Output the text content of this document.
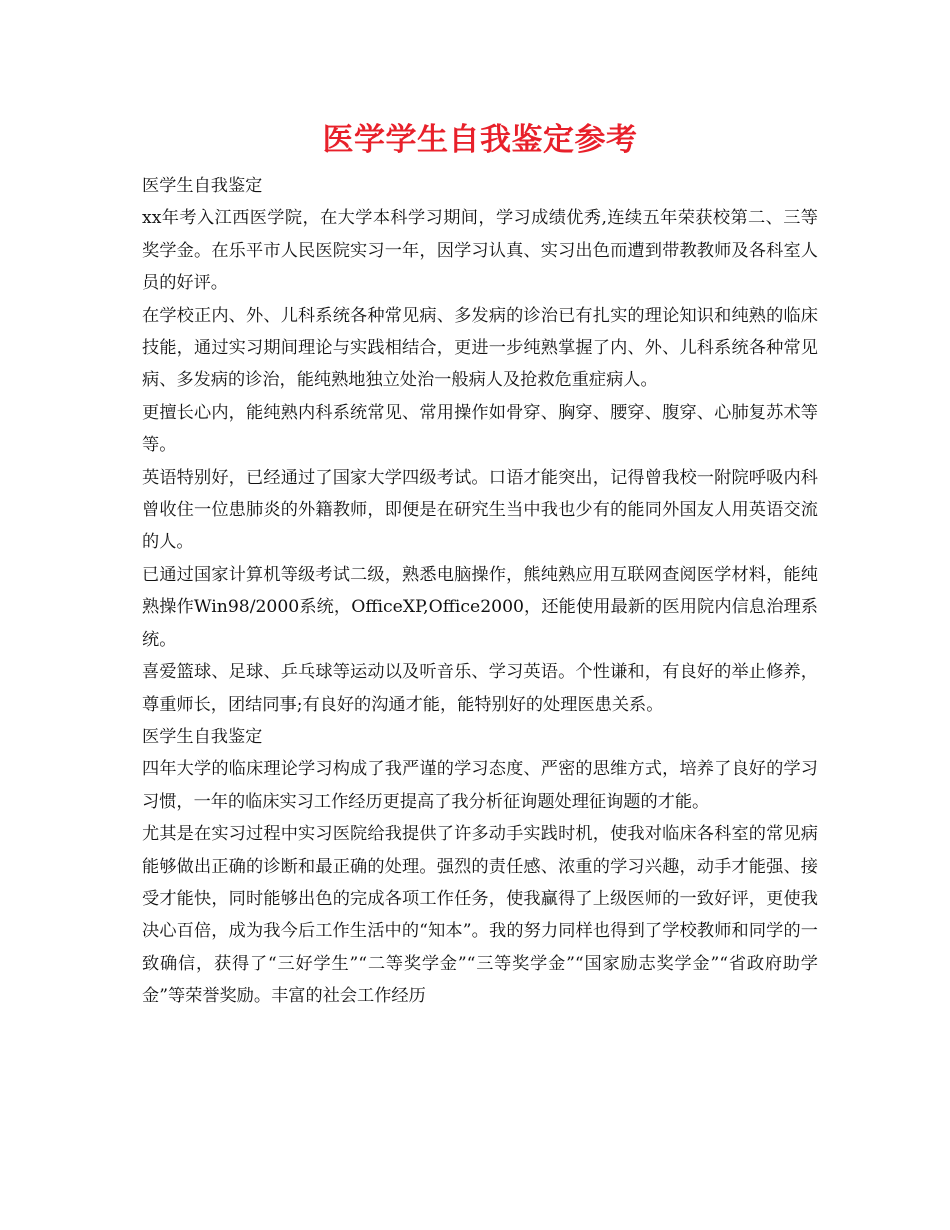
医学学生自我鉴定参考

医学生自我鉴定

xx年考入江西医学院，在大学本科学习期间，学习成绩优秀,连续五年荣获校第二、三等奖学金。在乐平市人民医院实习一年，因学习认真、实习出色而遭到带教教师及各科室人员的好评。

在学校正内、外、儿科系统各种常见病、多发病的诊治已有扎实的理论知识和纯熟的临床技能，通过实习期间理论与实践相结合，更进一步纯熟掌握了内、外、儿科系统各种常见病、多发病的诊治，能纯熟地独立处治一般病人及抢救危重症病人。

更擅长心内，能纯熟内科系统常见、常用操作如骨穿、胸穿、腰穿、腹穿、心肺复苏术等等。

英语特别好，已经通过了国家大学四级考试。口语才能突出，记得曾我校一附院呼吸内科曾收住一位患肺炎的外籍教师，即便是在研究生当中我也少有的能同外国友人用英语交流的人。

已通过国家计算机等级考试二级，熟悉电脑操作，熊纯熟应用互联网查阅医学材料，能纯熟操作Win98/2000系统，OfficeXP,Office2000，还能使用最新的医用院内信息治理系统。

喜爱篮球、足球、乒乓球等运动以及听音乐、学习英语。个性谦和，有良好的举止修养，尊重师长，团结同事;有良好的沟通才能，能特别好的处理医患关系。

医学生自我鉴定

四年大学的临床理论学习构成了我严谨的学习态度、严密的思维方式，培养了良好的学习习惯，一年的临床实习工作经历更提高了我分析征询题处理征询题的才能。

尤其是在实习过程中实习医院给我提供了许多动手实践时机，使我对临床各科室的常见病能够做出正确的诊断和最正确的处理。强烈的责任感、浓重的学习兴趣，动手才能强、接受才能快，同时能够出色的完成各项工作任务，使我赢得了上级医师的一致好评，更使我决心百倍，成为我今后工作生活中的“知本”。我的努力同样也得到了学校教师和同学的一致确信，获得了“三好学生”“二等奖学金”“三等奖学金”“国家励志奖学金”“省政府助学金”等荣誉奖励。丰富的社会工作经历
